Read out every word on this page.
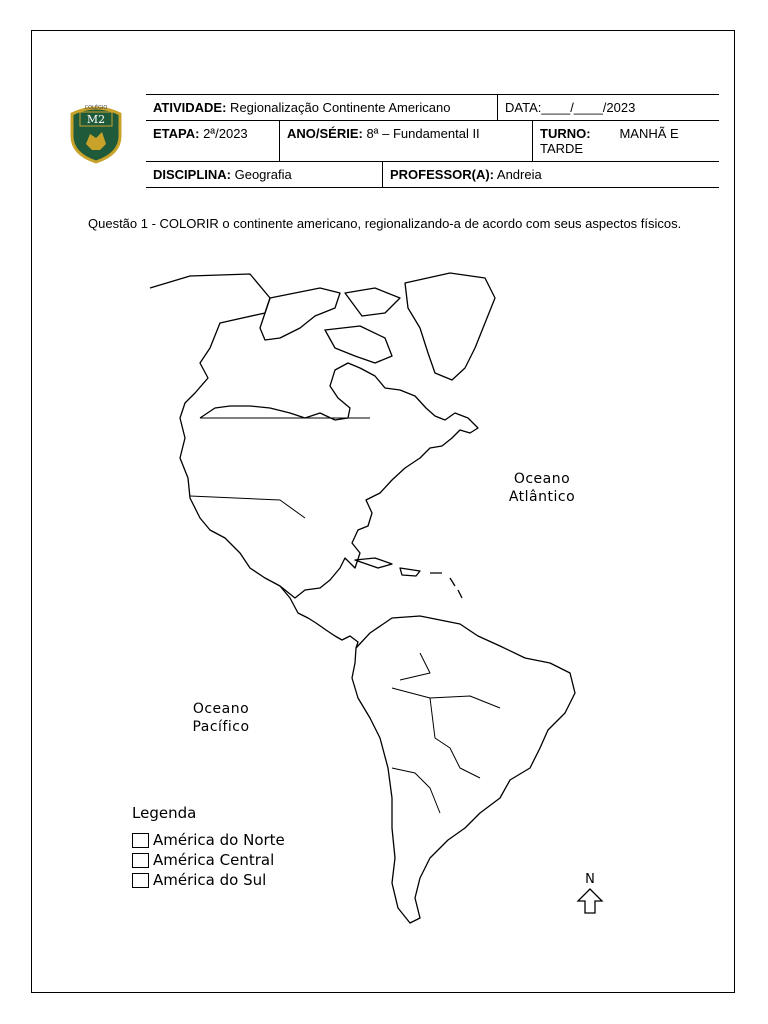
M2
COLÉGIO	ATIVIDADE: Regionalização Continente Americano	DATA:____/____/2023
ETAPA: 2ª/2023	ANO/SÉRIE: 8ª – Fundamental II	TURNO: MANHÃ E TARDE
DISCIPLINA: Geografia	PROFESSOR(A): Andreia
Questão 1 - COLORIR o continente americano, regionalizando-a de acordo com seus aspectos físicos.
Oceano
Atlântico
Oceano
Pacífico
Legenda
América do Norte
América Central
América do Sul	N
